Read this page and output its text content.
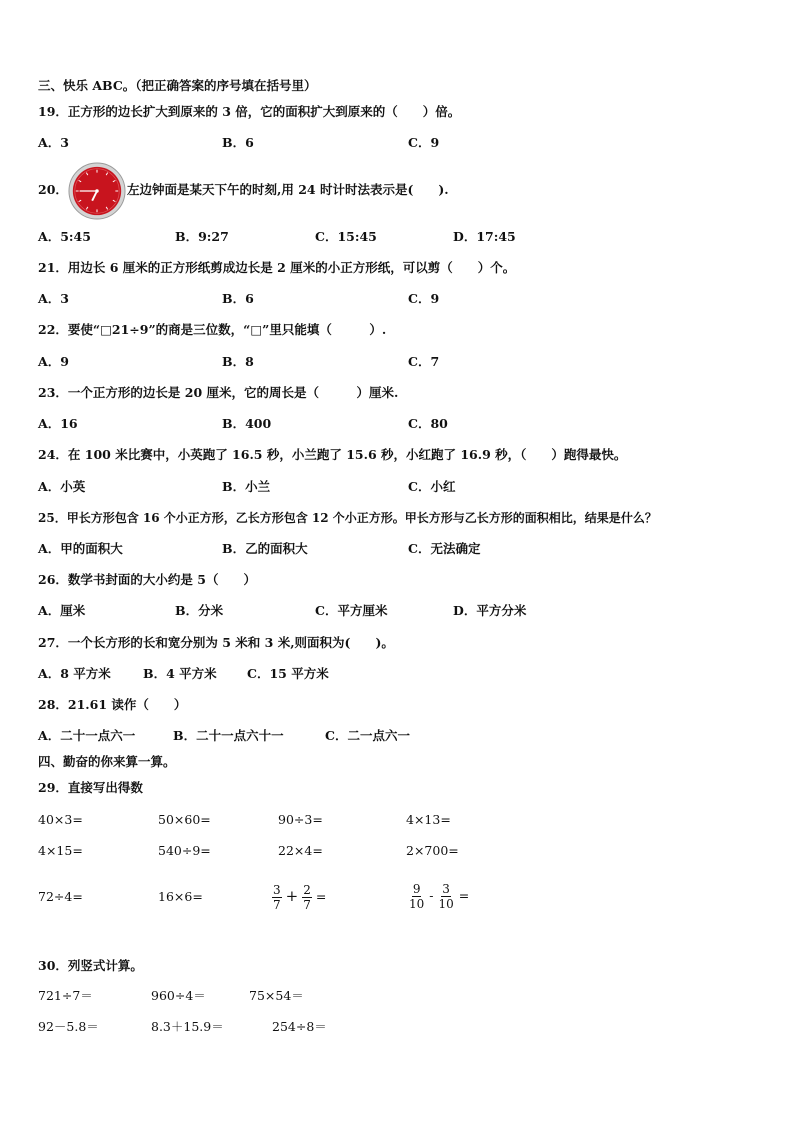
三、快乐 ABC。（把正确答案的序号填在括号里）
19．正方形的边长扩大到原来的 3 倍，它的面积扩大到原来的（　　）倍。
A．3	B．6	C．9
20．	左边钟面是某天下午的时刻,用 24 时计时法表示是(　　).
A．5:45	B．9:27	C．15:45	D．17:45
21．用边长 6 厘米的正方形纸剪成边长是 2 厘米的小正方形纸，可以剪（　　）个。
A．3	B．6	C．9
22．要使“□21÷9”的商是三位数，“□”里只能填（　　　）.
A．9	B．8	C．7
23．一个正方形的边长是 20 厘米，它的周长是（　　　）厘米.
A．16	B．400	C．80
24．在 100 米比赛中，小英跑了 16.5 秒，小兰跑了 15.6 秒，小红跑了 16.9 秒，（　　）跑得最快。
A．小英	B．小兰	C．小红
25．甲长方形包含 16 个小正方形，乙长方形包含 12 个小正方形。甲长方形与乙长方形的面积相比，结果是什么？
A．甲的面积大	B．乙的面积大	C．无法确定
26．数学书封面的大小约是 5（　　）
A．厘米	B．分米	C．平方厘米	D．平方分米
27．一个长方形的长和宽分别为 5 米和 3 米,则面积为(　　)。
A．8 平方米	B．4 平方米 C．15 平方米
28．21.61 读作（　　）
A．二十一点六一	B．二十一点六十一	C．二一点六一
四、勤奋的你来算一算。
29．直接写出得数
40×3=	50×60=	90÷3=	4×13=
4×15=	540÷9=	22×4=	2×700=
72÷4=	16×6=	$\frac{3}{7} + \frac{2}{7}$ =	$\frac{9}{10} - \frac{3}{10}$ =
30．列竖式计算。
721÷7＝	960÷4＝	75×54＝
92－5.8＝	8.3＋15.9＝	254÷8＝
